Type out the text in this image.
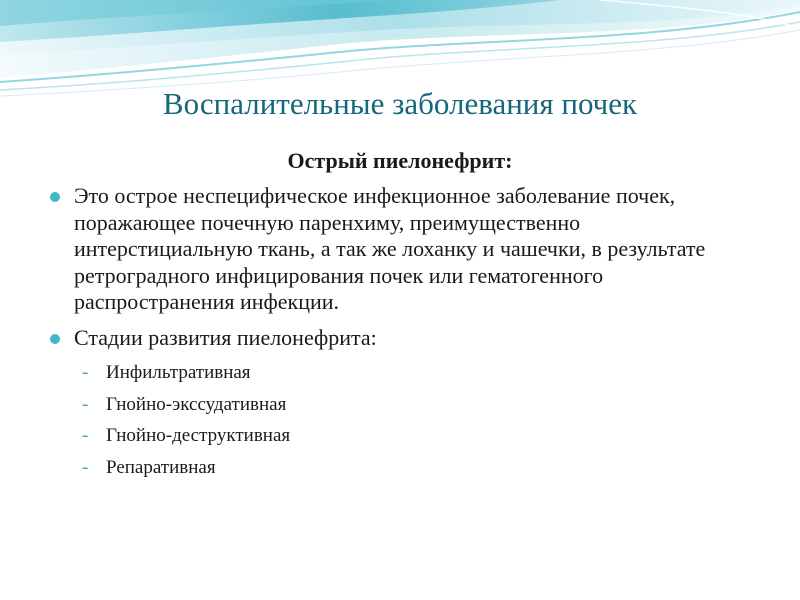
Воспалительные заболевания почек
Острый пиелонефрит:
Это острое неспецифическое инфекционное заболевание почек, поражающее почечную паренхиму, преимущественно интерстициальную ткань, а так же лоханку и чашечки, в результате ретроградного инфицирования почек или гематогенного распространения инфекции.
Стадии развития пиелонефрита:
- Инфильтративная
- Гнойно-экссудативная
- Гнойно-деструктивная
- Репаративная
